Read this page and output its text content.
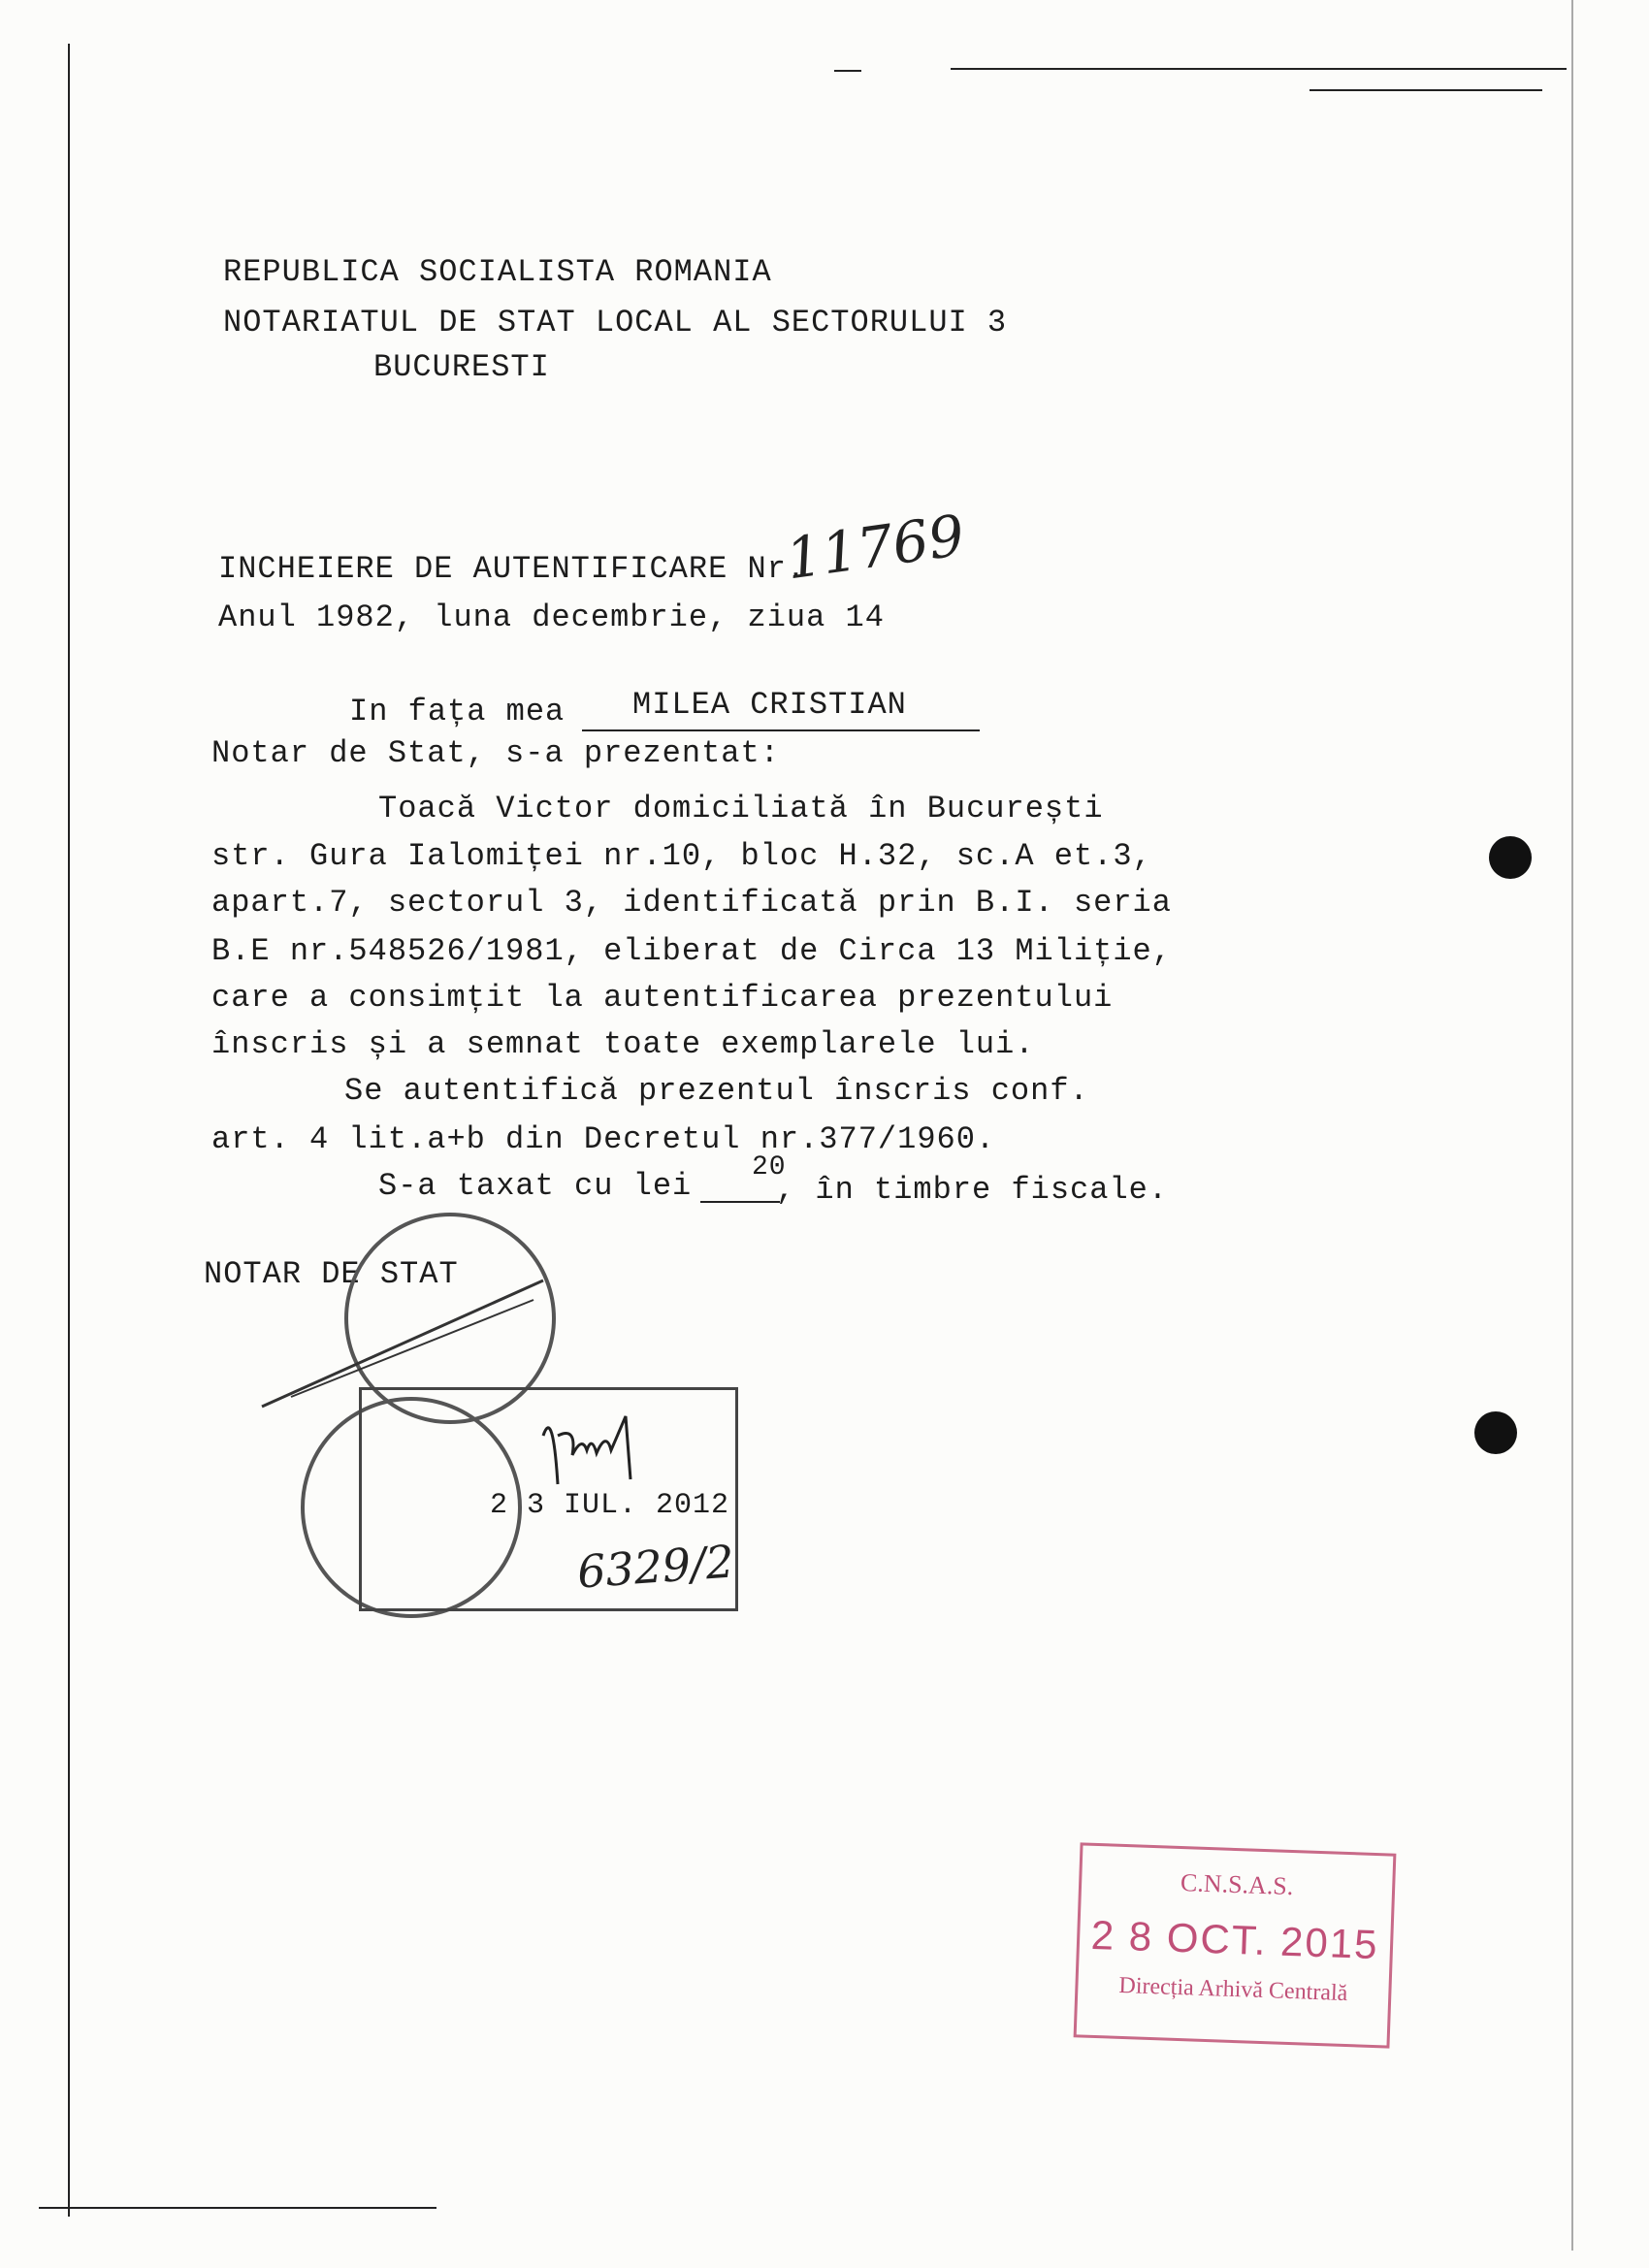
REPUBLICA SOCIALISTA ROMANIA
NOTARIATUL DE STAT LOCAL AL SECTORULUI 3
BUCURESTI
INCHEIERE DE AUTENTIFICARE Nr.
11769
Anul 1982, luna decembrie, ziua 14
In fața mea MILEA CRISTIAN
Notar de Stat, s-a prezentat:
Toacă Victor domiciliată în București
str. Gura Ialomiței nr.10, bloc H.32, sc.A et.3,
apart.7, sectorul 3, identificată prin B.I. seria
B.E nr.548526/1981, eliberat de Circa 13 Miliție,
care a consimțit la autentificarea prezentului
înscris și a semnat toate exemplarele lui.
Se autentifică prezentul înscris conf.
art. 4 lit.a+b din Decretul nr.377/1960.
S-a taxat cu lei
20
, în timbre fiscale.
NOTAR DE STAT
2 3 IUL. 2012
6329/2
C.N.S.A.S.
2 8 OCT. 2015
Direcția Arhivă Centrală
